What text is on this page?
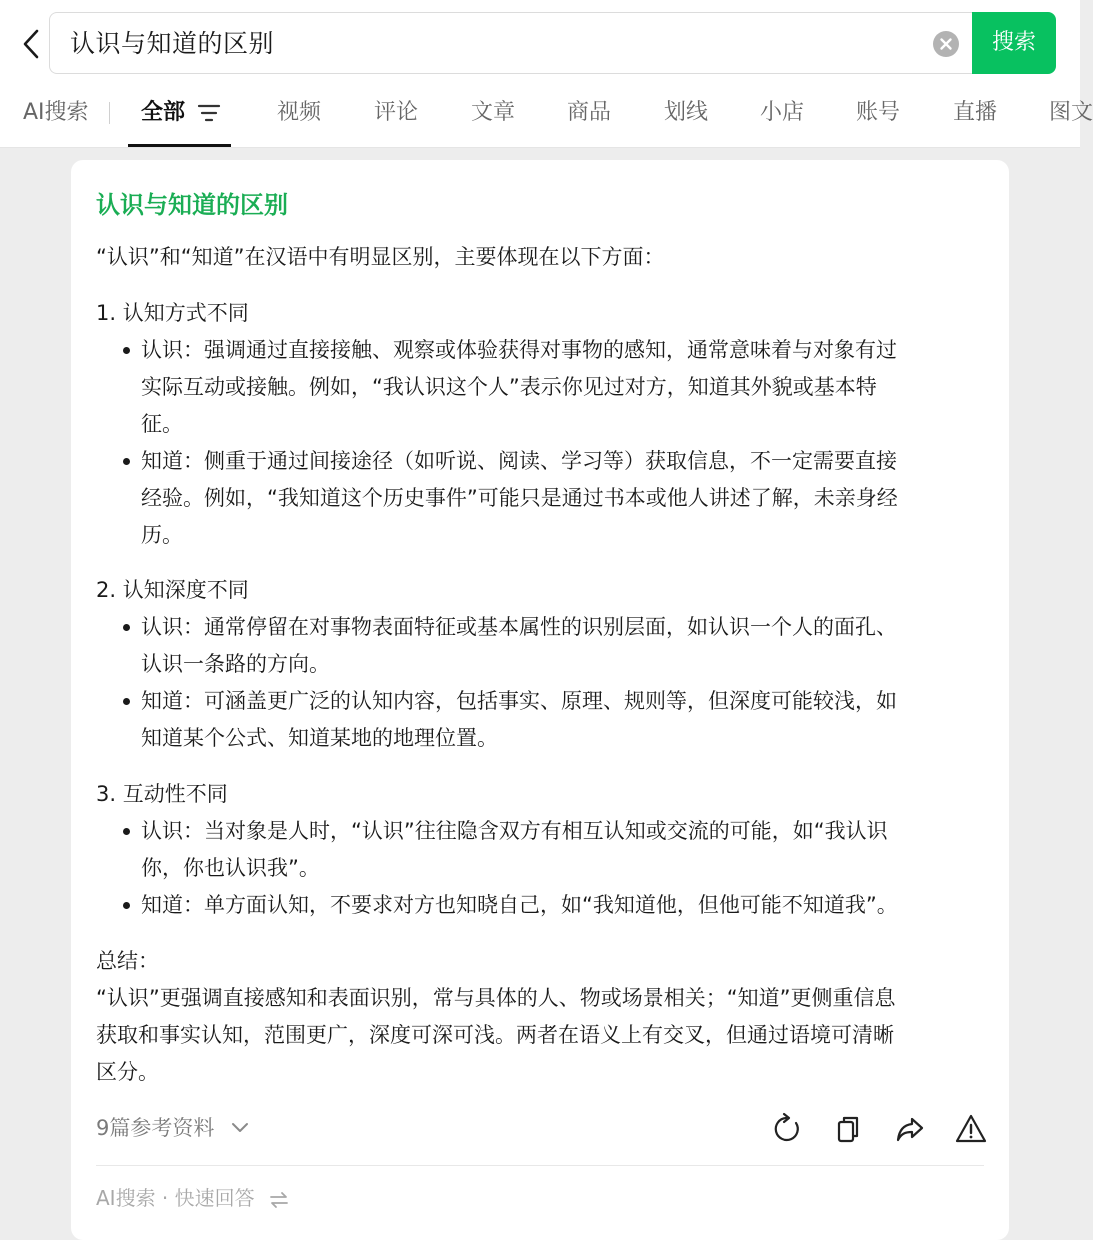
认识与知道的区别	搜索
AI搜索 全部	视频 评论 文章 商品 划线 小店 账号 直播 图文
认识与知道的区别
“认识”和“知道”在汉语中有明显区别，主要体现在以下方面：
1. 认知方式不同
认识：强调通过直接接触、观察或体验获得对事物的感知，通常意味着与对象有过
实际互动或接触。例如，“我认识这个人”表示你见过对方，知道其外貌或基本特
征。
知道：侧重于通过间接途径（如听说、阅读、学习等）获取信息，不一定需要直接
经验。例如，“我知道这个历史事件”可能只是通过书本或他人讲述了解，未亲身经
历。
2. 认知深度不同
认识：通常停留在对事物表面特征或基本属性的识别层面，如认识一个人的面孔、
认识一条路的方向。
知道：可涵盖更广泛的认知内容，包括事实、原理、规则等，但深度可能较浅，如
知道某个公式、知道某地的地理位置。
3. 互动性不同
认识：当对象是人时，“认识”往往隐含双方有相互认知或交流的可能，如“我认识
你，你也认识我”。
知道：单方面认知，不要求对方也知晓自己，如“我知道他，但他可能不知道我”。
总结：
“认识”更强调直接感知和表面识别，常与具体的人、物或场景相关；“知道”更侧重信息
获取和事实认知，范围更广，深度可深可浅。两者在语义上有交叉，但通过语境可清晰
区分。
9篇参考资料
AI搜索 · 快速回答
